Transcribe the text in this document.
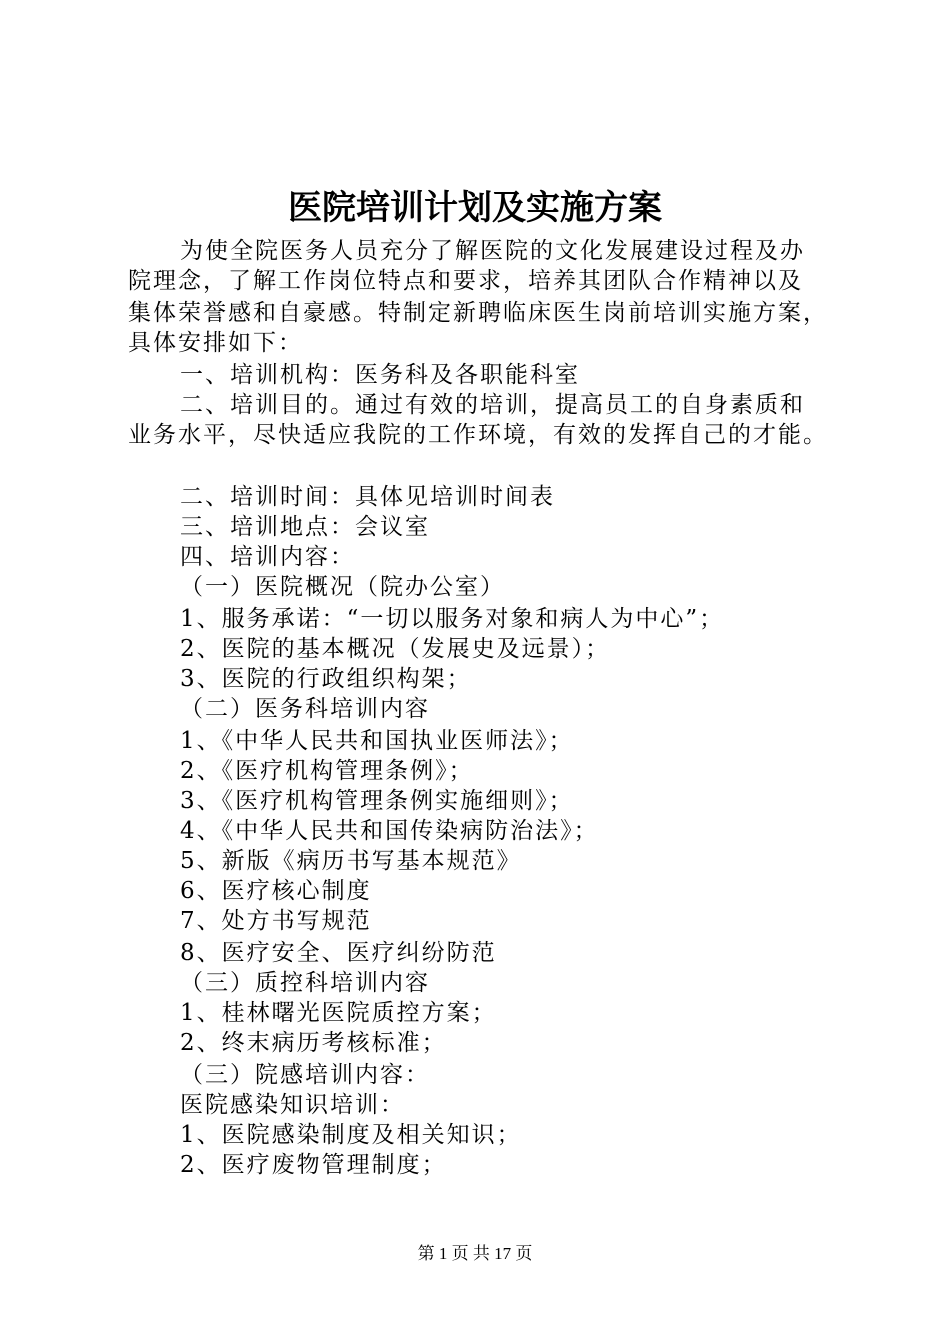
医院培训计划及实施方案
为使全院医务人员充分了解医院的文化发展建设过程及办
院理念，了解工作岗位特点和要求，培养其团队合作精神以及
集体荣誉感和自豪感。特制定新聘临床医生岗前培训实施方案，
具体安排如下：
一、培训机构：医务科及各职能科室
二、培训目的。通过有效的培训，提高员工的自身素质和
业务水平，尽快适应我院的工作环境，有效的发挥自己的才能。
二、培训时间：具体见培训时间表
三、培训地点：会议室
四、培训内容：
（一）医院概况（院办公室）
1、服务承诺：“一切以服务对象和病人为中心”；
2、医院的基本概况（发展史及远景）；
3、医院的行政组织构架；
（二）医务科培训内容
1、《中华人民共和国执业医师法》；
2、《医疗机构管理条例》；
3、《医疗机构管理条例实施细则》；
4、《中华人民共和国传染病防治法》；
5、新版《病历书写基本规范》
6、医疗核心制度
7、处方书写规范
8、医疗安全、医疗纠纷防范
（三）质控科培训内容
1、桂林曙光医院质控方案；
2、终末病历考核标准；
（三）院感培训内容：
医院感染知识培训：
1、医院感染制度及相关知识；
2、医疗废物管理制度；
第 1 页 共 17 页
